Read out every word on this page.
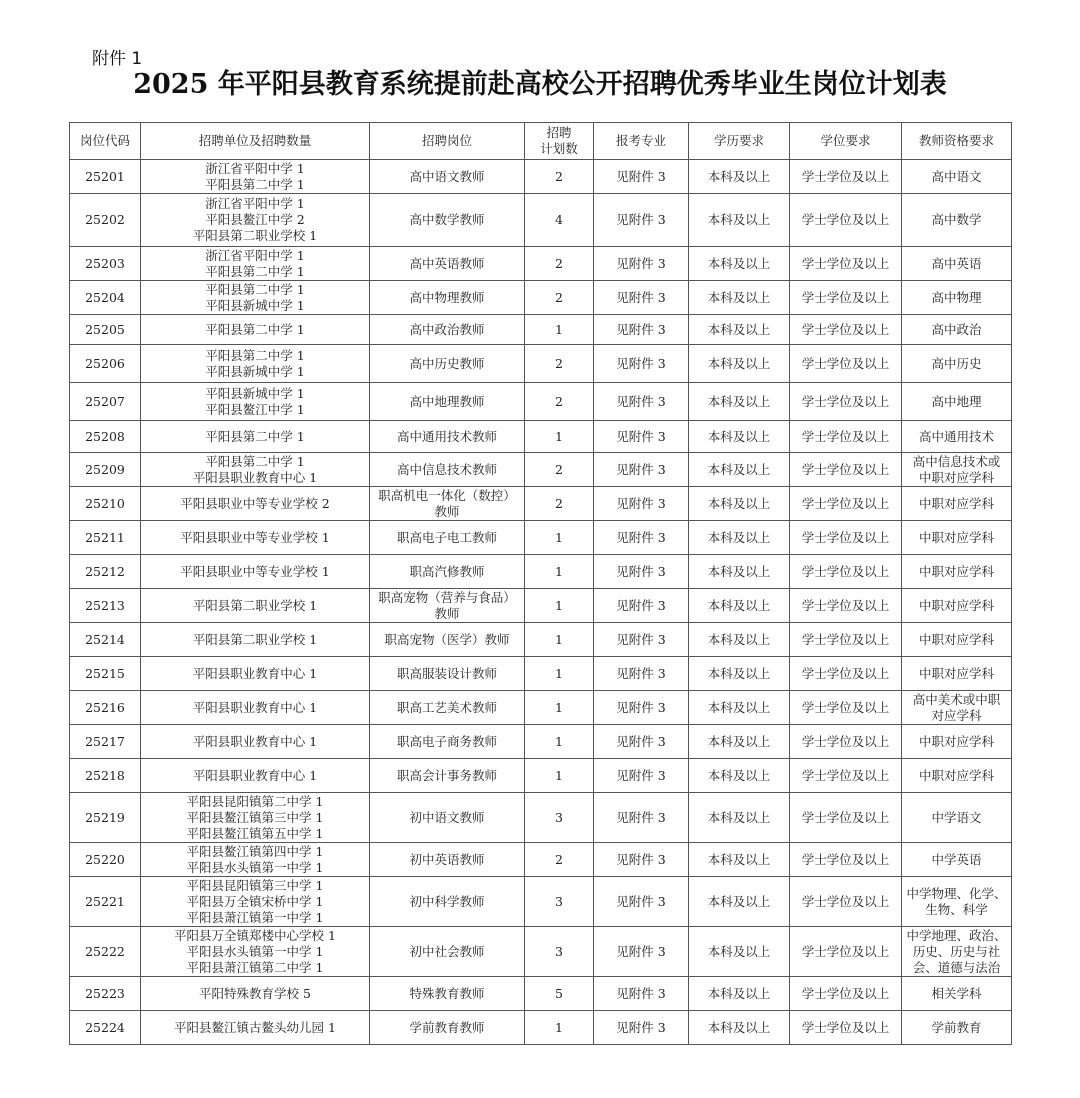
附件 1
2025 年平阳县教育系统提前赴高校公开招聘优秀毕业生岗位计划表
岗位代码	招聘单位及招聘数量	招聘岗位	招聘
计划数	报考专业	学历要求	学位要求	教师资格要求
25201	浙江省平阳中学 1
平阳县第二中学 1	高中语文教师	2	见附件 3	本科及以上	学士学位及以上	高中语文

25202	浙江省平阳中学 1
平阳县鳌江中学 2
平阳县第二职业学校 1	高中数学教师	4	见附件 3	本科及以上	学士学位及以上	高中数学

25203	浙江省平阳中学 1
平阳县第二中学 1	高中英语教师	2	见附件 3	本科及以上	学士学位及以上	高中英语

25204	平阳县第二中学 1
平阳县新城中学 1	高中物理教师	2	见附件 3	本科及以上	学士学位及以上	高中物理

25205	平阳县第二中学 1	高中政治教师	1	见附件 3	本科及以上	学士学位及以上	高中政治

25206	平阳县第二中学 1
平阳县新城中学 1	高中历史教师	2	见附件 3	本科及以上	学士学位及以上	高中历史

25207	平阳县新城中学 1
平阳县鳌江中学 1	高中地理教师	2	见附件 3	本科及以上	学士学位及以上	高中地理

25208	平阳县第二中学 1	高中通用技术教师	1	见附件 3	本科及以上	学士学位及以上	高中通用技术

25209	平阳县第二中学 1
平阳县职业教育中心 1	高中信息技术教师	2	见附件 3	本科及以上	学士学位及以上	高中信息技术或
中职对应学科

25210	平阳县职业中等专业学校 2	职高机电一体化（数控）
教师	2	见附件 3	本科及以上	学士学位及以上	中职对应学科

25211	平阳县职业中等专业学校 1	职高电子电工教师	1	见附件 3	本科及以上	学士学位及以上	中职对应学科

25212	平阳县职业中等专业学校 1	职高汽修教师	1	见附件 3	本科及以上	学士学位及以上	中职对应学科

25213	平阳县第二职业学校 1	职高宠物（营养与食品）
教师	1	见附件 3	本科及以上	学士学位及以上	中职对应学科

25214	平阳县第二职业学校 1	职高宠物（医学）教师	1	见附件 3	本科及以上	学士学位及以上	中职对应学科

25215	平阳县职业教育中心 1	职高服装设计教师	1	见附件 3	本科及以上	学士学位及以上	中职对应学科

25216	平阳县职业教育中心 1	职高工艺美术教师	1	见附件 3	本科及以上	学士学位及以上	高中美术或中职
对应学科

25217	平阳县职业教育中心 1	职高电子商务教师	1	见附件 3	本科及以上	学士学位及以上	中职对应学科

25218	平阳县职业教育中心 1	职高会计事务教师	1	见附件 3	本科及以上	学士学位及以上	中职对应学科

25219	平阳县昆阳镇第二中学 1
平阳县鳌江镇第三中学 1
平阳县鳌江镇第五中学 1	初中语文教师	3	见附件 3	本科及以上	学士学位及以上	中学语文

25220	平阳县鳌江镇第四中学 1
平阳县水头镇第一中学 1	初中英语教师	2	见附件 3	本科及以上	学士学位及以上	中学英语

25221	平阳县昆阳镇第三中学 1
平阳县万全镇宋桥中学 1
平阳县萧江镇第一中学 1	初中科学教师	3	见附件 3	本科及以上	学士学位及以上	中学物理、化学、
生物、科学

25222	平阳县万全镇郑楼中心学校 1
平阳县水头镇第一中学 1
平阳县萧江镇第二中学 1	初中社会教师	3	见附件 3	本科及以上	学士学位及以上	中学地理、政治、
历史、历史与社
会、道德与法治

25223	平阳特殊教育学校 5	特殊教育教师	5	见附件 3	本科及以上	学士学位及以上	相关学科

25224	平阳县鳌江镇古鳌头幼儿园 1	学前教育教师	1	见附件 3	本科及以上	学士学位及以上	学前教育
